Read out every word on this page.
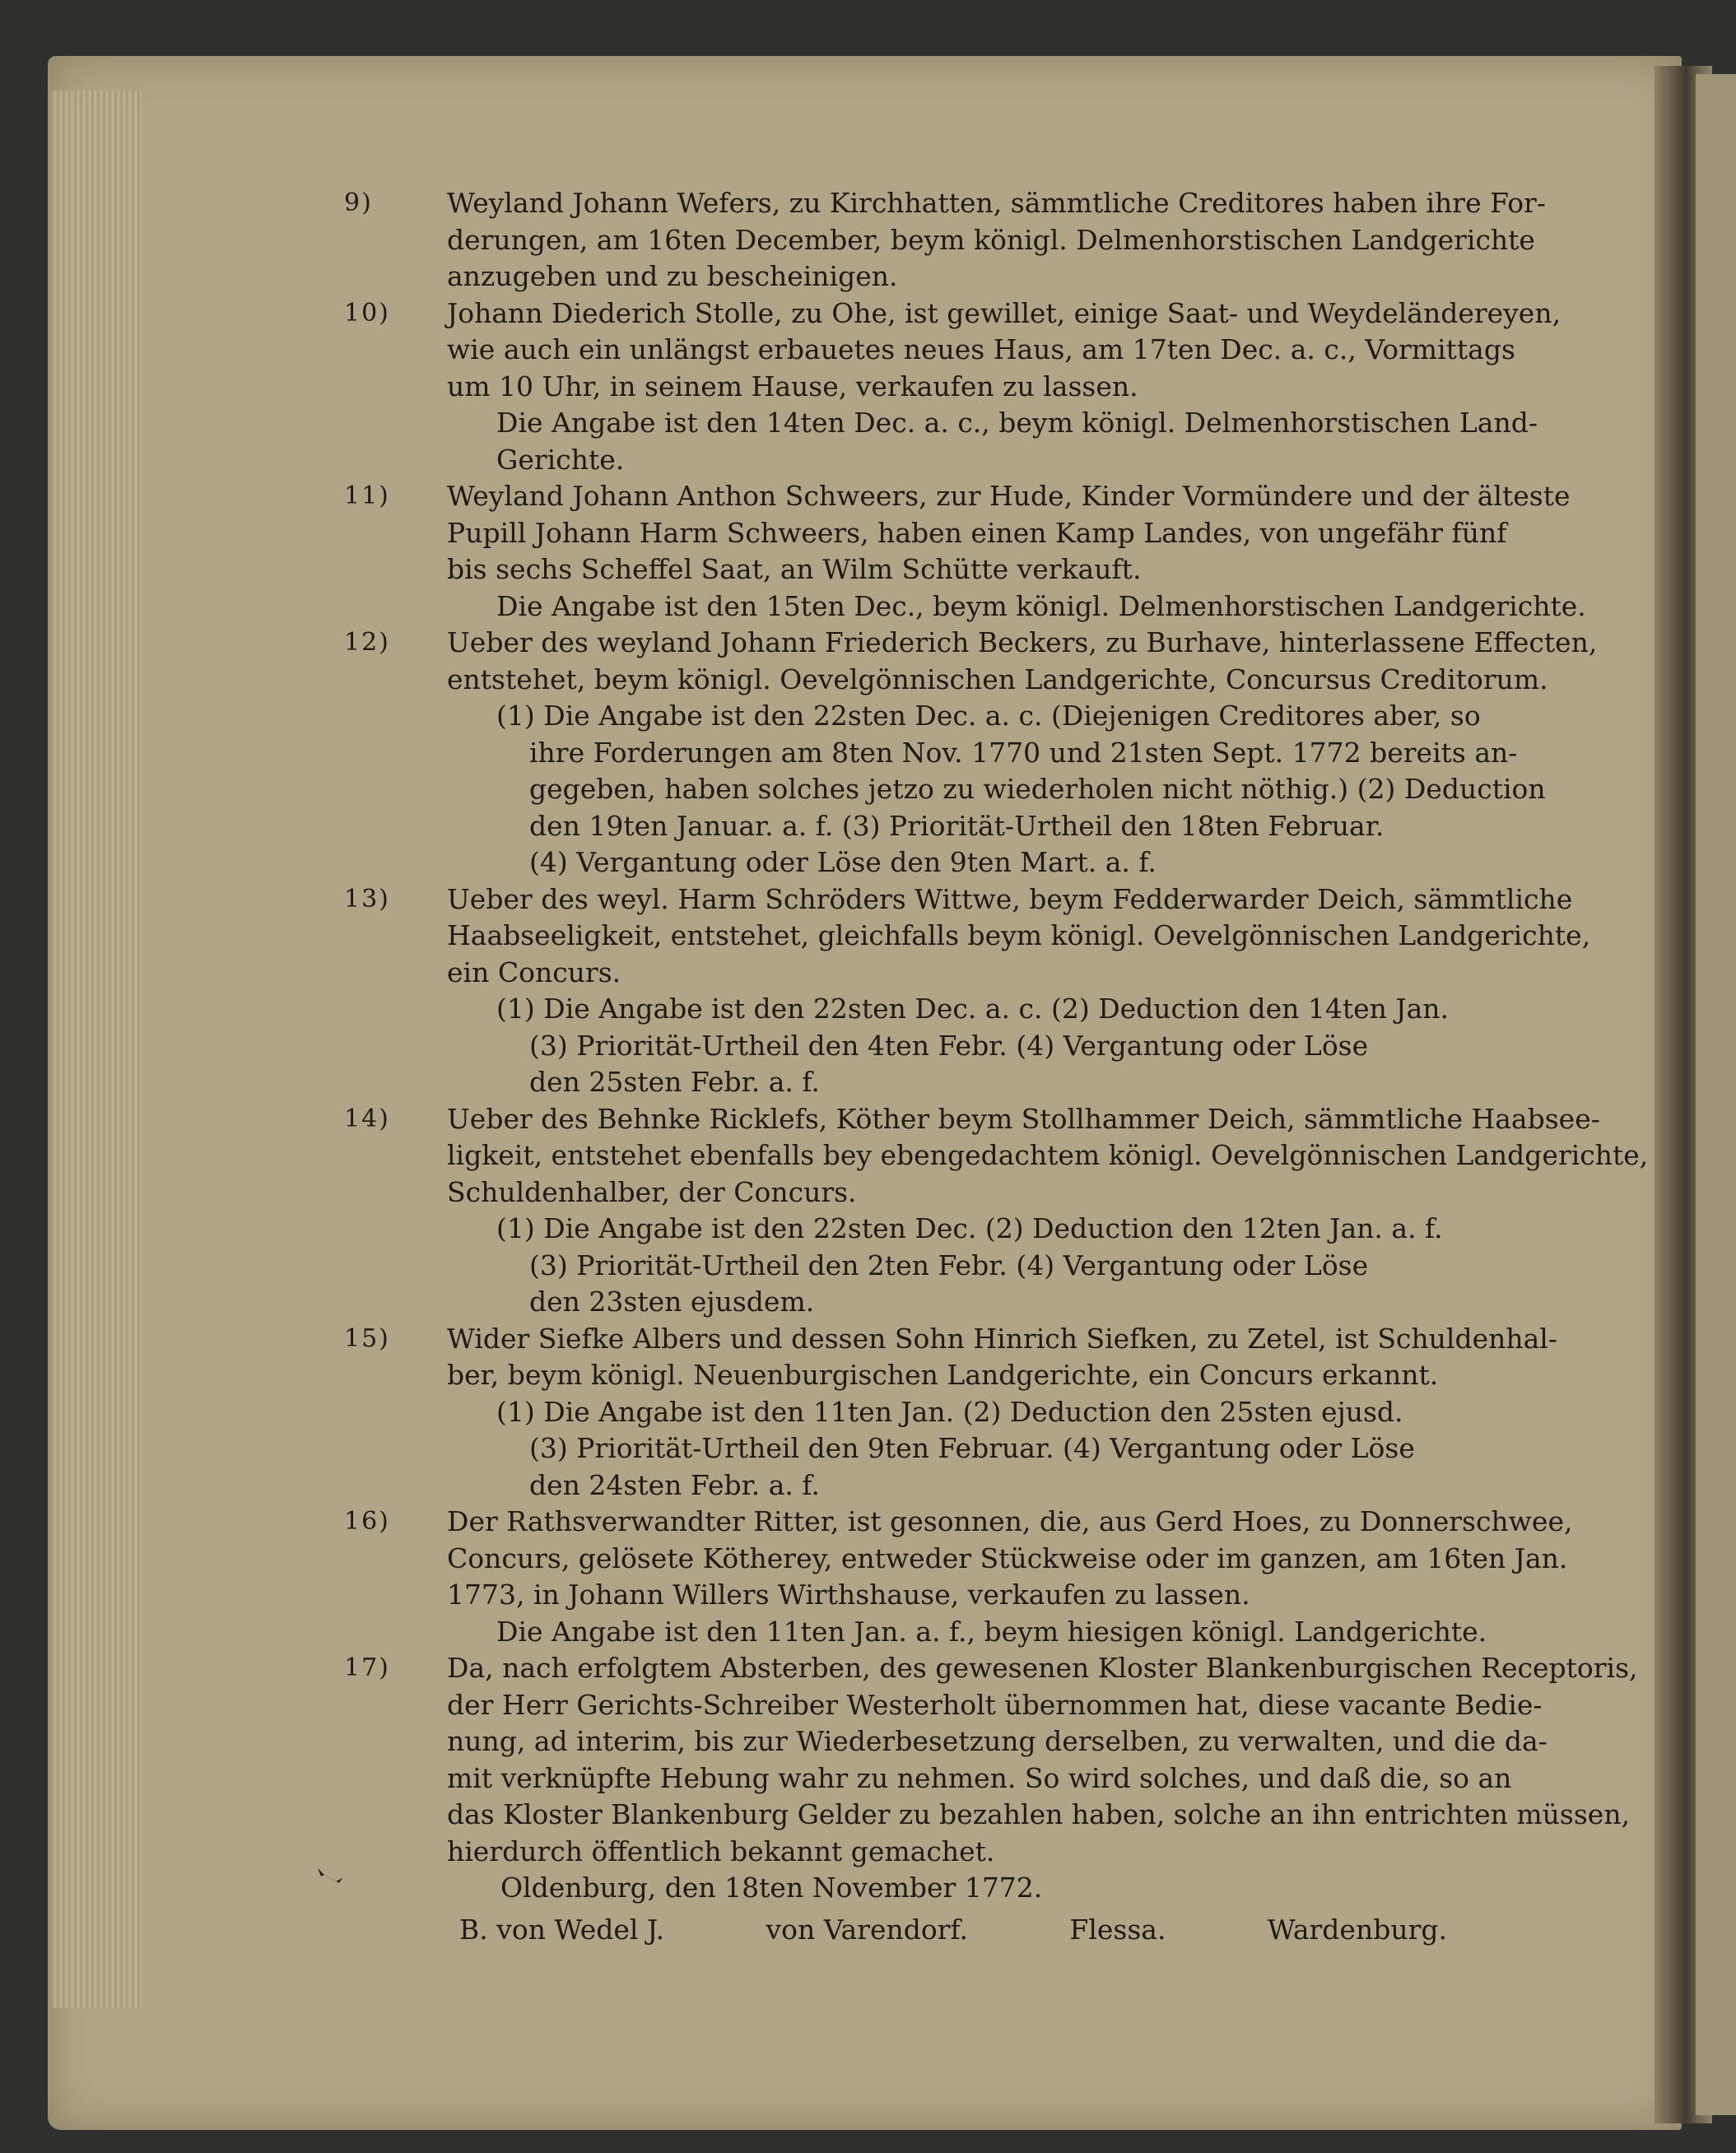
9)	Weyland Johann Wefers, zu Kirchhatten, sämmtliche Creditores haben ihre For-
derungen, am 16ten December, beym königl. Delmenhorstischen Landgerichte
anzugeben und zu bescheinigen.
10) Johann Diederich Stolle, zu Ohe, ist gewillet, einige Saat- und Weydeländereyen,
wie auch ein unlängst erbauetes neues Haus, am 17ten Dec. a. c., Vormittags
um 10 Uhr, in seinem Hause, verkaufen zu lassen.
Die Angabe ist den 14ten Dec. a. c., beym königl. Delmenhorstischen Land-
Gerichte.
11) Weyland Johann Anthon Schweers, zur Hude, Kinder Vormündere und der älteste
Pupill Johann Harm Schweers, haben einen Kamp Landes, von ungefähr fünf
bis sechs Scheffel Saat, an Wilm Schütte verkauft.
Die Angabe ist den 15ten Dec., beym königl. Delmenhorstischen Landgerichte.
12) Ueber des weyland Johann Friederich Beckers, zu Burhave, hinterlassene Effecten,
entstehet, beym königl. Oevelgönnischen Landgerichte, Concursus Creditorum.
(1) Die Angabe ist den 22sten Dec. a. c. (Diejenigen Creditores aber, so
ihre Forderungen am 8ten Nov. 1770 und 21sten Sept. 1772 bereits an-
gegeben, haben solches jetzo zu wiederholen nicht nöthig.) (2) Deduction
den 19ten Januar. a. f. (3) Priorität-Urtheil den 18ten Februar.
(4) Vergantung oder Löse den 9ten Mart. a. f.
13) Ueber des weyl. Harm Schröders Wittwe, beym Fedderwarder Deich, sämmtliche
Haabseeligkeit, entstehet, gleichfalls beym königl. Oevelgönnischen Landgerichte,
ein Concurs.
(1) Die Angabe ist den 22sten Dec. a. c. (2) Deduction den 14ten Jan.
(3) Priorität-Urtheil den 4ten Febr. (4) Vergantung oder Löse
den 25sten Febr. a. f.
14) Ueber des Behnke Ricklefs, Köther beym Stollhammer Deich, sämmtliche Haabsee-
ligkeit, entstehet ebenfalls bey ebengedachtem königl. Oevelgönnischen Landgerichte,
Schuldenhalber, der Concurs.
(1) Die Angabe ist den 22sten Dec. (2) Deduction den 12ten Jan. a. f.
(3) Priorität-Urtheil den 2ten Febr. (4) Vergantung oder Löse
den 23sten ejusdem.
15) Wider Siefke Albers und dessen Sohn Hinrich Siefken, zu Zetel, ist Schuldenhal-
ber, beym königl. Neuenburgischen Landgerichte, ein Concurs erkannt.
(1) Die Angabe ist den 11ten Jan. (2) Deduction den 25sten ejusd.
(3) Priorität-Urtheil den 9ten Februar. (4) Vergantung oder Löse
den 24sten Febr. a. f.
16) Der Rathsverwandter Ritter, ist gesonnen, die, aus Gerd Hoes, zu Donnerschwee,
Concurs, gelösete Kötherey, entweder Stückweise oder im ganzen, am 16ten Jan.
1773, in Johann Willers Wirthshause, verkaufen zu lassen.
Die Angabe ist den 11ten Jan. a. f., beym hiesigen königl. Landgerichte.
17) Da, nach erfolgtem Absterben, des gewesenen Kloster Blankenburgischen Receptoris,
der Herr Gerichts-Schreiber Westerholt übernommen hat, diese vacante Bedie-
nung, ad interim, bis zur Wiederbesetzung derselben, zu verwalten, und die da-
mit verknüpfte Hebung wahr zu nehmen. So wird solches, und daß die, so an
das Kloster Blankenburg Gelder zu bezahlen haben, solche an ihn entrichten müssen,
hierdurch öffentlich bekannt gemachet.
Oldenburg, den 18ten November 1772.
B. von Wedel J.	von Varendorf.	Flessa.	Wardenburg.
